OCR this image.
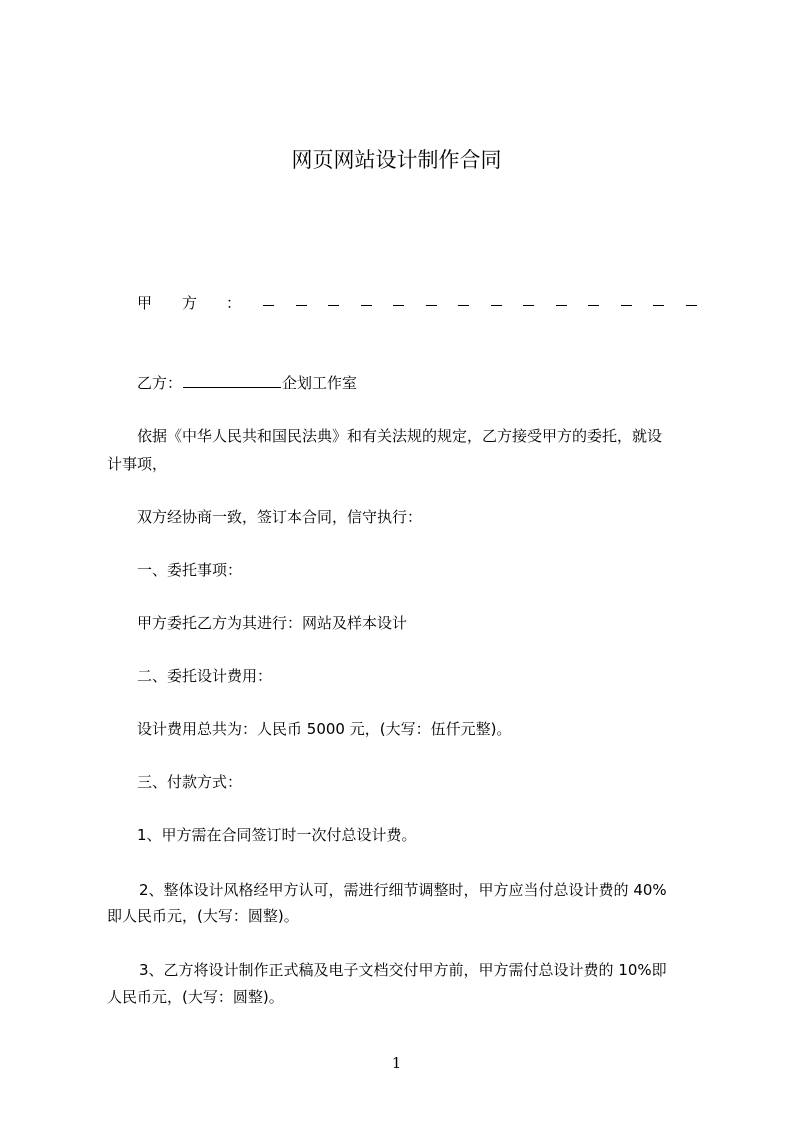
网页网站设计制作合同
甲 方 ：
乙方：	企划工作室
依据《中华人民共和国民法典》和有关法规的规定，乙方接受甲方的委托，就设
计事项，
双方经协商一致，签订本合同，信守执行：
一、委托事项：
甲方委托乙方为其进行：网站及样本设计
二、委托设计费用：
设计费用总共为：人民币 5000 元，(大写：伍仟元整)。
三、付款方式：
1、甲方需在合同签订时一次付总设计费。
2、整体设计风格经甲方认可，需进行细节调整时，甲方应当付总设计费的 40%
即人民币元，(大写：圆整)。
3、乙方将设计制作正式稿及电子文档交付甲方前，甲方需付总设计费的 10%即
人民币元，(大写：圆整)。
1
